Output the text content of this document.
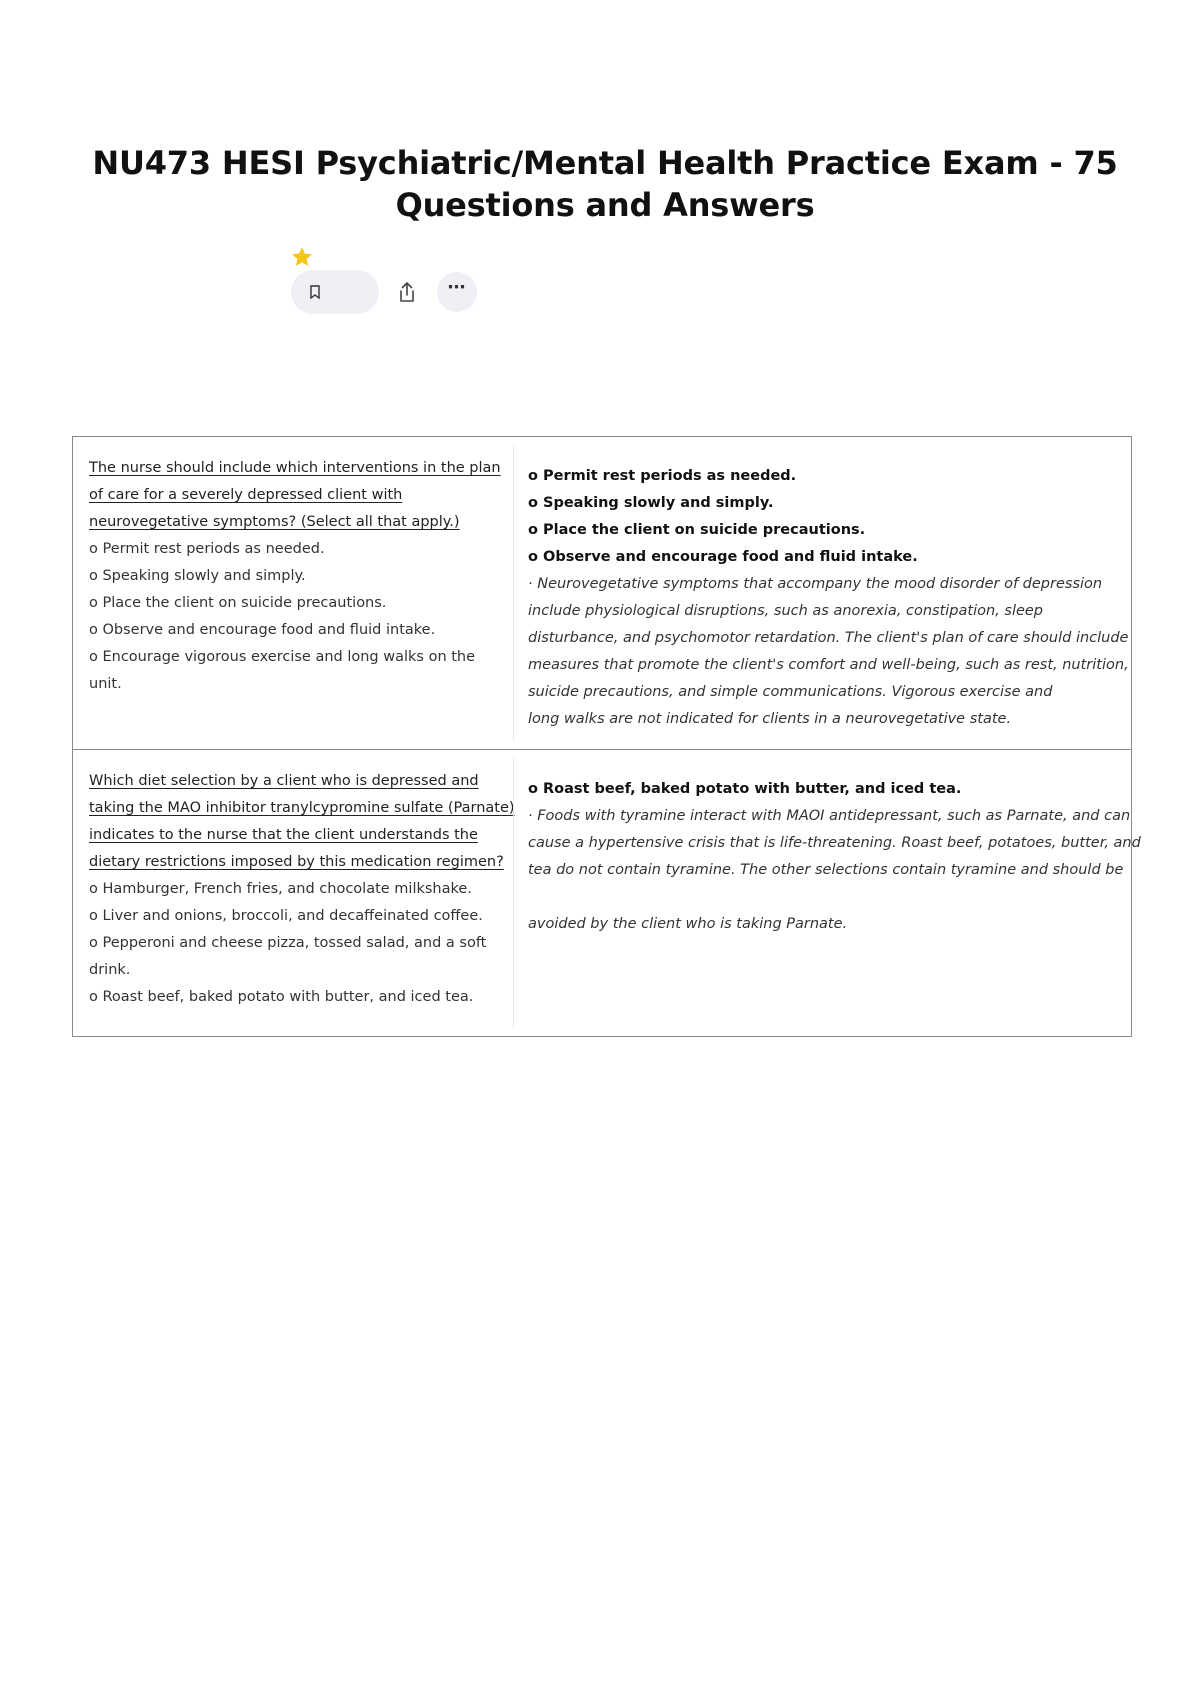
NU473 HESI Psychiatric/Mental Health Practice Exam - 75 Questions and Answers
⋯
The nurse should include which interventions in the plan
of care for a severely depressed client with
neurovegetative symptoms? (Select all that apply.)
o Permit rest periods as needed.
o Speaking slowly and simply.
o Place the client on suicide precautions.
o Observe and encourage food and fluid intake.
o Encourage vigorous exercise and long walks on the
unit.
o Permit rest periods as needed.
o Speaking slowly and simply.
o Place the client on suicide precautions.
o Observe and encourage food and fluid intake.
· Neurovegetative symptoms that accompany the mood disorder of depression
include physiological disruptions, such as anorexia, constipation, sleep
disturbance, and psychomotor retardation. The client's plan of care should include
measures that promote the client's comfort and well-being, such as rest, nutrition,
suicide precautions, and simple communications. Vigorous exercise and
long walks are not indicated for clients in a neurovegetative state.
Which diet selection by a client who is depressed and
taking the MAO inhibitor tranylcypromine sulfate (Parnate)
indicates to the nurse that the client understands the
dietary restrictions imposed by this medication regimen?
o Hamburger, French fries, and chocolate milkshake.
o Liver and onions, broccoli, and decaffeinated coffee.
o Pepperoni and cheese pizza, tossed salad, and a soft
drink.
o Roast beef, baked potato with butter, and iced tea.
o Roast beef, baked potato with butter, and iced tea.
· Foods with tyramine interact with MAOI antidepressant, such as Parnate, and can
cause a hypertensive crisis that is life-threatening. Roast beef, potatoes, butter, and
tea do not contain tyramine. The other selections contain tyramine and should be
avoided by the client who is taking Parnate.
